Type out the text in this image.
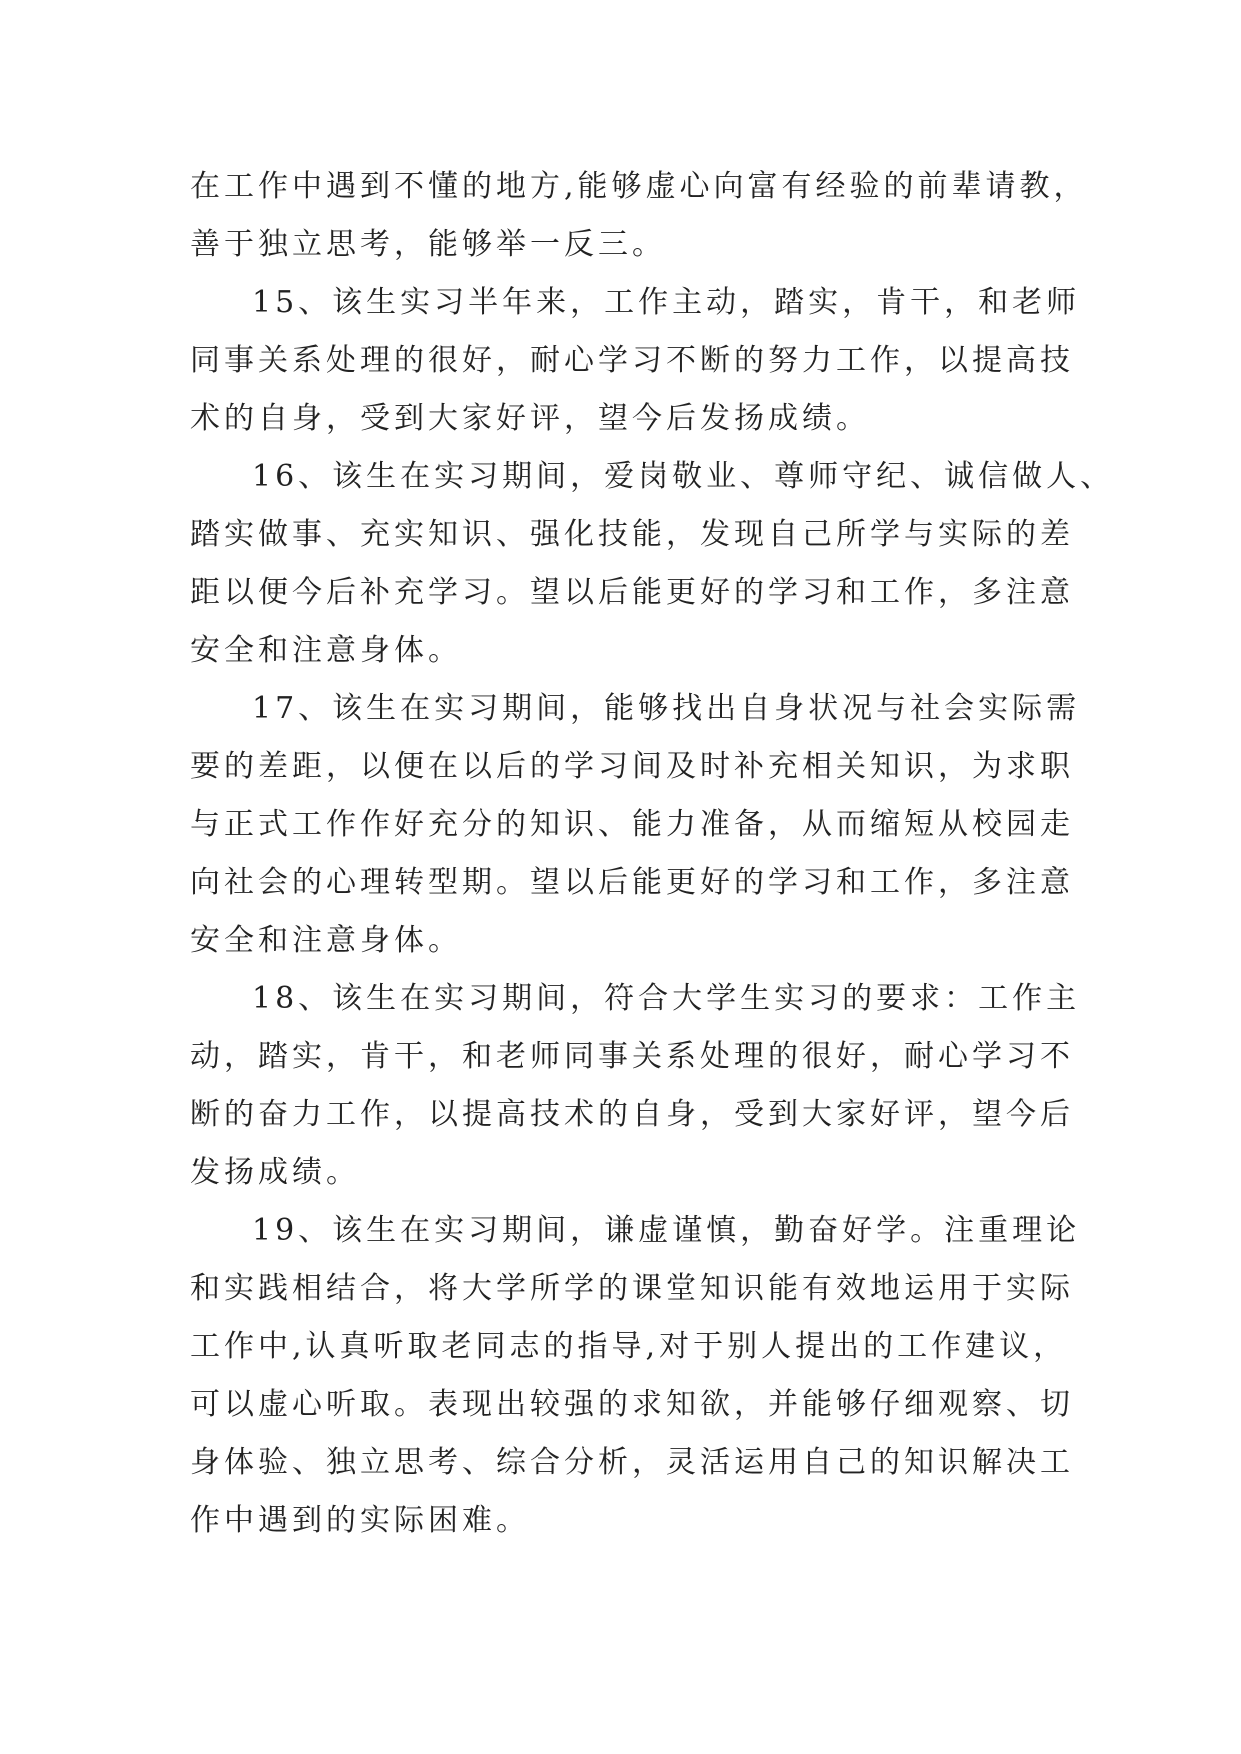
在工作中遇到不懂的地方,能够虚心向富有经验的前辈请教，
善于独立思考，能够举一反三。
15、该生实习半年来，工作主动，踏实，肯干，和老师
同事关系处理的很好，耐心学习不断的努力工作，以提高技
术的自身，受到大家好评，望今后发扬成绩。
16、该生在实习期间，爱岗敬业、尊师守纪、诚信做人、
踏实做事、充实知识、强化技能，发现自己所学与实际的差
距以便今后补充学习。望以后能更好的学习和工作，多注意
安全和注意身体。
17、该生在实习期间，能够找出自身状况与社会实际需
要的差距，以便在以后的学习间及时补充相关知识，为求职
与正式工作作好充分的知识、能力准备，从而缩短从校园走
向社会的心理转型期。望以后能更好的学习和工作，多注意
安全和注意身体。
18、该生在实习期间，符合大学生实习的要求：工作主
动，踏实，肯干，和老师同事关系处理的很好，耐心学习不
断的奋力工作，以提高技术的自身，受到大家好评，望今后
发扬成绩。
19、该生在实习期间，谦虚谨慎，勤奋好学。注重理论
和实践相结合，将大学所学的课堂知识能有效地运用于实际
工作中,认真听取老同志的指导,对于别人提出的工作建议，
可以虚心听取。表现出较强的求知欲，并能够仔细观察、切
身体验、独立思考、综合分析，灵活运用自己的知识解决工
作中遇到的实际困难。
